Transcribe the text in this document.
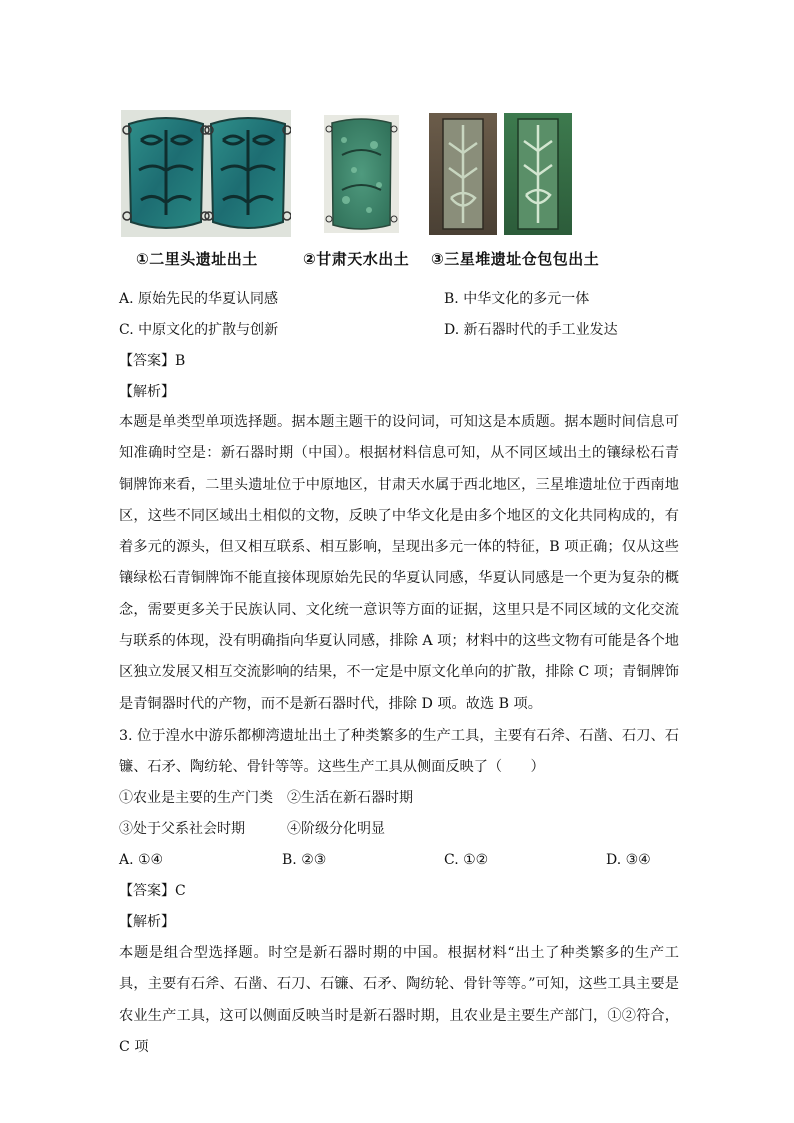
①二里头遗址出土	②甘肃天水出土 ③三星堆遗址仓包包出土
A. 原始先民的华夏认同感	B. 中华文化的多元一体
C. 中原文化的扩散与创新	D. 新石器时代的手工业发达
【答案】B
【解析】
本题是单类型单项选择题。据本题主题干的设问词，可知这是本质题。据本题时间信息可知准确时空是：新石器时期（中国）。根据材料信息可知，从不同区域出土的镶绿松石青铜牌饰来看，二里头遗址位于中原地区，甘肃天水属于西北地区，三星堆遗址位于西南地区，这些不同区域出土相似的文物，反映了中华文化是由多个地区的文化共同构成的，有着多元的源头，但又相互联系、相互影响，呈现出多元一体的特征，B 项正确；仅从这些镶绿松石青铜牌饰不能直接体现原始先民的华夏认同感，华夏认同感是一个更为复杂的概念，需要更多关于民族认同、文化统一意识等方面的证据，这里只是不同区域的文化交流与联系的体现，没有明确指向华夏认同感，排除 A 项；材料中的这些文物有可能是各个地区独立发展又相互交流影响的结果，不一定是中原文化单向的扩散，排除 C 项；青铜牌饰是青铜器时代的产物，而不是新石器时代，排除 D 项。故选 B 项。
3. 位于湟水中游乐都柳湾遗址出土了种类繁多的生产工具，主要有石斧、石凿、石刀、石镰、石矛、陶纺轮、骨针等等。这些生产工具从侧面反映了（　　）
①农业是主要的生产门类　②生活在新石器时期
③处于父系社会时期　　　④阶级分化明显
A. ①④	B. ②③	C. ①②	D. ③④
【答案】C
【解析】
本题是组合型选择题。时空是新石器时期的中国。根据材料“出土了种类繁多的生产工具，主要有石斧、石凿、石刀、石镰、石矛、陶纺轮、骨针等等。”可知，这些工具主要是农业生产工具，这可以侧面反映当时是新石器时期，且农业是主要生产部门，①②符合，C 项
